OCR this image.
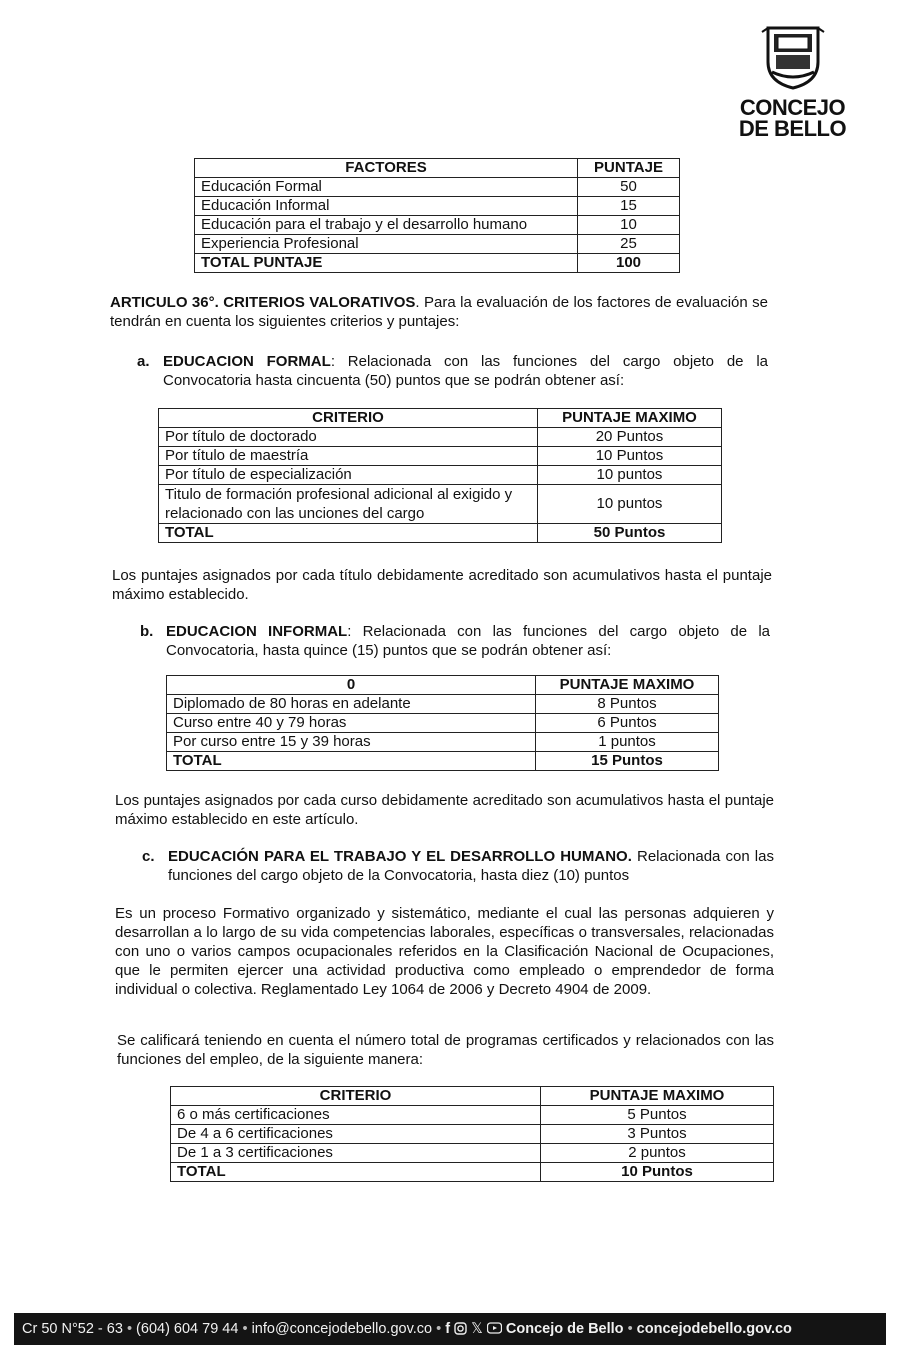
CONCEJO
DE BELLO
FACTORES	PUNTAJE
Educación Formal	50
Educación Informal	15
Educación para el trabajo y el desarrollo humano	10
Experiencia Profesional	25
TOTAL PUNTAJE	100
ARTICULO 36°. CRITERIOS VALORATIVOS. Para la evaluación de los factores de evaluación se tendrán en cuenta los siguientes criterios y puntajes:
a. EDUCACION FORMAL: Relacionada con las funciones del cargo objeto de la Convocatoria hasta cincuenta (50) puntos que se podrán obtener así:
CRITERIO	PUNTAJE MAXIMO
Por título de doctorado	20 Puntos
Por título de maestría	10 Puntos
Por título de especialización	10 puntos
Titulo de formación profesional adicional al exigido y relacionado con las unciones del cargo	10 puntos
TOTAL	50 Puntos
Los puntajes asignados por cada título debidamente acreditado son acumulativos hasta el puntaje máximo establecido.
b. EDUCACION INFORMAL: Relacionada con las funciones del cargo objeto de la Convocatoria, hasta quince (15) puntos que se podrán obtener así:
0	PUNTAJE MAXIMO
Diplomado de 80 horas en adelante	8 Puntos
Curso entre 40 y 79 horas	6 Puntos
Por curso entre 15 y 39 horas	1 puntos
TOTAL	15 Puntos
Los puntajes asignados por cada curso debidamente acreditado son acumulativos hasta el puntaje máximo establecido en este artículo.
c. EDUCACIÓN PARA EL TRABAJO Y EL DESARROLLO HUMANO. Relacionada con las funciones del cargo objeto de la Convocatoria, hasta diez (10) puntos
Es un proceso Formativo organizado y sistemático, mediante el cual las personas adquieren y desarrollan a lo largo de su vida competencias laborales, específicas o transversales, relacionadas con uno o varios campos ocupacionales referidos en la Clasificación Nacional de Ocupaciones, que le permiten ejercer una actividad productiva como empleado o emprendedor de forma individual o colectiva. Reglamentado Ley 1064 de 2006 y Decreto 4904 de 2009.
Se calificará teniendo en cuenta el número total de programas certificados y relacionados con las funciones del empleo, de la siguiente manera:
CRITERIO	PUNTAJE MAXIMO
6 o más certificaciones	5 Puntos
De 4 a 6 certificaciones	3 Puntos
De 1 a 3 certificaciones	2 puntos
TOTAL	10 Puntos
Cr 50 N°52 - 63 • (604) 604 79 44 • info@concejodebello.gov.co • f 𝕏 Concejo de Bello • concejodebello.gov.co
